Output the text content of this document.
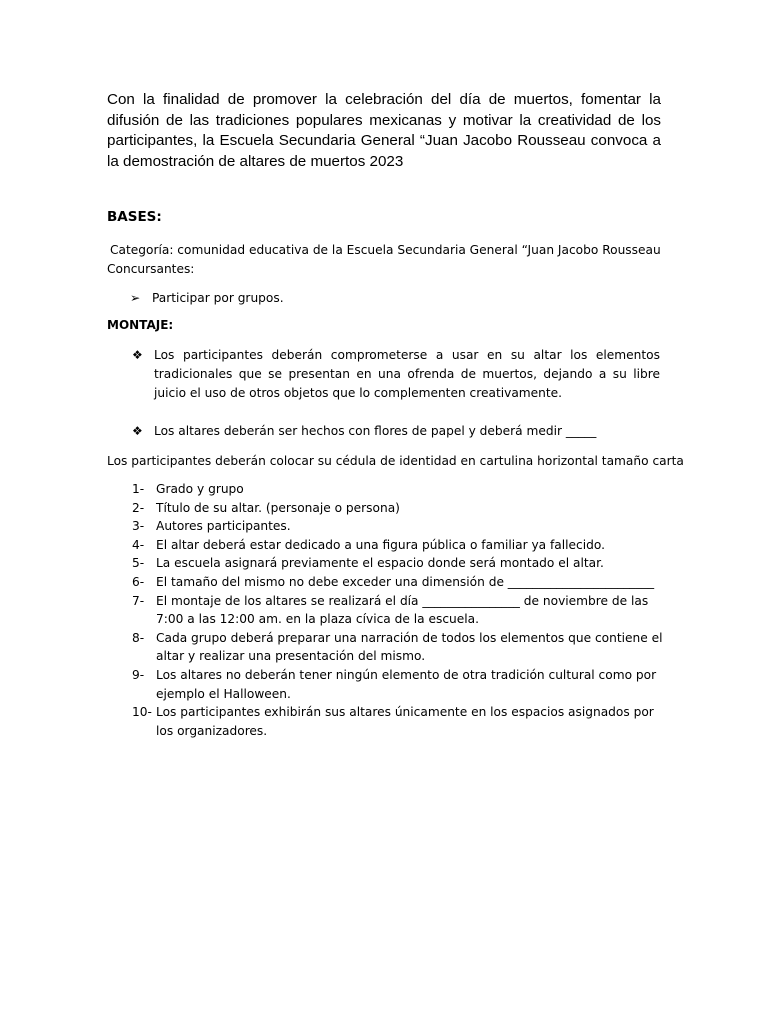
Con la finalidad de promover la celebración del día de muertos, fomentar la difusión de las tradiciones populares mexicanas y motivar la creatividad de los participantes, la Escuela Secundaria General “Juan Jacobo Rousseau convoca a la demostración de altares de muertos 2023

BASES:
Categoría: comunidad educativa de la Escuela Secundaria General “Juan Jacobo Rousseau
Concursantes:
➢ Participar por grupos.
MONTAJE:
❖ Los participantes deberán comprometerse a usar en su altar los elementos tradicionales que se presentan en una ofrenda de muertos, dejando a su libre juicio el uso de otros objetos que lo complementen creativamente.
❖ Los altares deberán ser hechos con flores de papel y deberá medir _____
Los participantes deberán colocar su cédula de identidad en cartulina horizontal tamaño carta
1- Grado y grupo
2- Título de su altar. (personaje o persona)
3- Autores participantes.
4- El altar deberá estar dedicado a una figura pública o familiar ya fallecido.
5- La escuela asignará previamente el espacio donde será montado el altar.
6- El tamaño del mismo no debe exceder una dimensión de ________________________
7- El montaje de los altares se realizará el día ________________ de noviembre de las 7:00 a las 12:00 am. en la plaza cívica de la escuela.
8- Cada grupo deberá preparar una narración de todos los elementos que contiene el altar y realizar una presentación del mismo.
9- Los altares no deberán tener ningún elemento de otra tradición cultural como por ejemplo el Halloween.
10- Los participantes exhibirán sus altares únicamente en los espacios asignados por los organizadores.
